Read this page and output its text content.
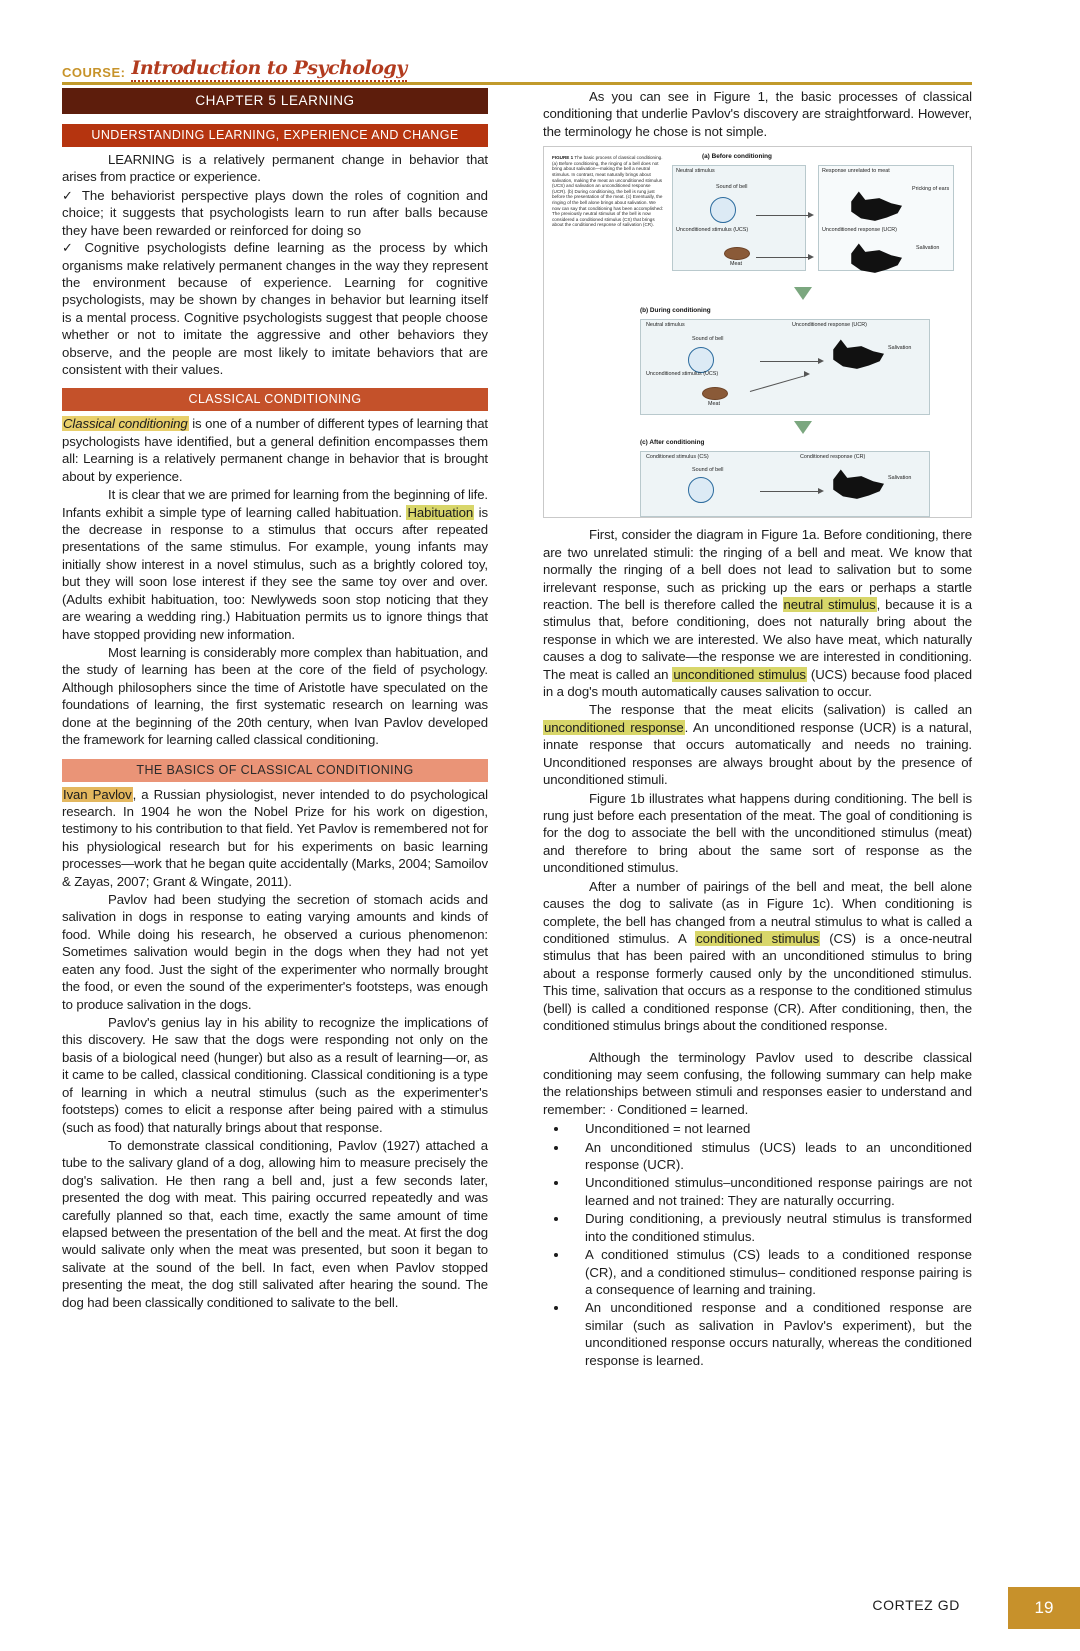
COURSE: Introduction to Psychology
CHAPTER 5 LEARNING
UNDERSTANDING LEARNING, EXPERIENCE AND CHANGE

LEARNING is a relatively permanent change in behavior that arises from practice or experience.

✓ The behaviorist perspective plays down the roles of cognition and choice; it suggests that psychologists learn to run after balls because they have been rewarded or reinforced for doing so
✓ Cognitive psychologists define learning as the process by which organisms make relatively permanent changes in the way they represent the environment because of experience. Learning for cognitive psychologists, may be shown by changes in behavior but learning itself is a mental process. Cognitive psychologists suggest that people choose whether or not to imitate the aggressive and other behaviors they observe, and the people are most likely to imitate behaviors that are consistent with their values.
CLASSICAL CONDITIONING

Classical conditioning is one of a number of different types of learning that psychologists have identified, but a general definition encompasses them all: Learning is a relatively permanent change in behavior that is brought about by experience.

It is clear that we are primed for learning from the beginning of life. Infants exhibit a simple type of learning called habituation. Habituation is the decrease in response to a stimulus that occurs after repeated presentations of the same stimulus. For example, young infants may initially show interest in a novel stimulus, such as a brightly colored toy, but they will soon lose interest if they see the same toy over and over. (Adults exhibit habituation, too: Newlyweds soon stop noticing that they are wearing a wedding ring.) Habituation permits us to ignore things that have stopped providing new information.

Most learning is considerably more complex than habituation, and the study of learning has been at the core of the field of psychology. Although philosophers since the time of Aristotle have speculated on the foundations of learning, the first systematic research on learning was done at the beginning of the 20th century, when Ivan Pavlov developed the framework for learning called classical conditioning.

THE BASICS OF CLASSICAL CONDITIONING

Ivan Pavlov, a Russian physiologist, never intended to do psychological research. In 1904 he won the Nobel Prize for his work on digestion, testimony to his contribution to that field. Yet Pavlov is remembered not for his physiological research but for his experiments on basic learning processes—work that he began quite accidentally (Marks, 2004; Samoilov & Zayas, 2007; Grant & Wingate, 2011).

Pavlov had been studying the secretion of stomach acids and salivation in dogs in response to eating varying amounts and kinds of food. While doing his research, he observed a curious phenomenon: Sometimes salivation would begin in the dogs when they had not yet eaten any food. Just the sight of the experimenter who normally brought the food, or even the sound of the experimenter's footsteps, was enough to produce salivation in the dogs.

Pavlov's genius lay in his ability to recognize the implications of this discovery. He saw that the dogs were responding not only on the basis of a biological need (hunger) but also as a result of learning—or, as it came to be called, classical conditioning. Classical conditioning is a type of learning in which a neutral stimulus (such as the experimenter's footsteps) comes to elicit a response after being paired with a stimulus (such as food) that naturally brings about that response.

To demonstrate classical conditioning, Pavlov (1927) attached a tube to the salivary gland of a dog, allowing him to measure precisely the dog's salivation. He then rang a bell and, just a few seconds later, presented the dog with meat. This pairing occurred repeatedly and was carefully planned so that, each time, exactly the same amount of time elapsed between the presentation of the bell and the meat. At first the dog would salivate only when the meat was presented, but soon it began to salivate at the sound of the bell. In fact, even when Pavlov stopped presenting the meat, the dog still salivated after hearing the sound. The dog had been classically conditioned to salivate to the bell.

As you can see in Figure 1, the basic processes of classical conditioning that underlie Pavlov's discovery are straightforward. However, the terminology he chose is not simple.

FIGURE 1 The basic process of classical conditioning. (a) Before conditioning, the ringing of a bell does not bring about salivation—making the bell a neutral stimulus. In contrast, meat naturally brings about salivation, making the meat an unconditioned stimulus (UCS) and salivation an unconditioned response (UCR). (b) During conditioning, the bell is rung just before the presentation of the meat. (c) Eventually, the ringing of the bell alone brings about salivation. We now can say that conditioning has been accomplished: The previously neutral stimulus of the bell is now considered a conditioned stimulus (CS) that brings about the conditioned response of salivation (CR).
(a) Before conditioning
Neutral stimulus
Sound of bell
Response unrelated to meat
Pricking of ears
Unconditioned stimulus (UCS)
Meat
Unconditioned response (UCR)
Salivation
(b) During conditioning
Neutral stimulus
Sound of bell
Unconditioned response (UCR)
Salivation
Unconditioned stimulus (UCS)
Meat
(c) After conditioning
Conditioned stimulus (CS)
Sound of bell
Conditioned response (CR)
Salivation

First, consider the diagram in Figure 1a. Before conditioning, there are two unrelated stimuli: the ringing of a bell and meat. We know that normally the ringing of a bell does not lead to salivation but to some irrelevant response, such as pricking up the ears or perhaps a startle reaction. The bell is therefore called the neutral stimulus, because it is a stimulus that, before conditioning, does not naturally bring about the response in which we are interested. We also have meat, which naturally causes a dog to salivate—the response we are interested in conditioning. The meat is called an unconditioned stimulus (UCS) because food placed in a dog's mouth automatically causes salivation to occur.

The response that the meat elicits (salivation) is called an unconditioned response. An unconditioned response (UCR) is a natural, innate response that occurs automatically and needs no training. Unconditioned responses are always brought about by the presence of unconditioned stimuli.

Figure 1b illustrates what happens during conditioning. The bell is rung just before each presentation of the meat. The goal of conditioning is for the dog to associate the bell with the unconditioned stimulus (meat) and therefore to bring about the same sort of response as the unconditioned stimulus.

After a number of pairings of the bell and meat, the bell alone causes the dog to salivate (as in Figure 1c). When conditioning is complete, the bell has changed from a neutral stimulus to what is called a conditioned stimulus. A conditioned stimulus (CS) is a once-neutral stimulus that has been paired with an unconditioned stimulus to bring about a response formerly caused only by the unconditioned stimulus. This time, salivation that occurs as a response to the conditioned stimulus (bell) is called a conditioned response (CR). After conditioning, then, the conditioned stimulus brings about the conditioned response.

Although the terminology Pavlov used to describe classical conditioning may seem confusing, the following summary can help make the relationships between stimuli and responses easier to understand and remember: · Conditioned = learned.

• Unconditioned = not learned
• An unconditioned stimulus (UCS) leads to an unconditioned response (UCR).
• Unconditioned stimulus–unconditioned response pairings are not learned and not trained: They are naturally occurring.
• During conditioning, a previously neutral stimulus is transformed into the conditioned stimulus.
• A conditioned stimulus (CS) leads to a conditioned response (CR), and a conditioned stimulus– conditioned response pairing is a consequence of learning and training.
• An unconditioned response and a conditioned response are similar (such as salivation in Pavlov's experiment), but the unconditioned response occurs naturally, whereas the conditioned response is learned.
CORTEZ GD	19
